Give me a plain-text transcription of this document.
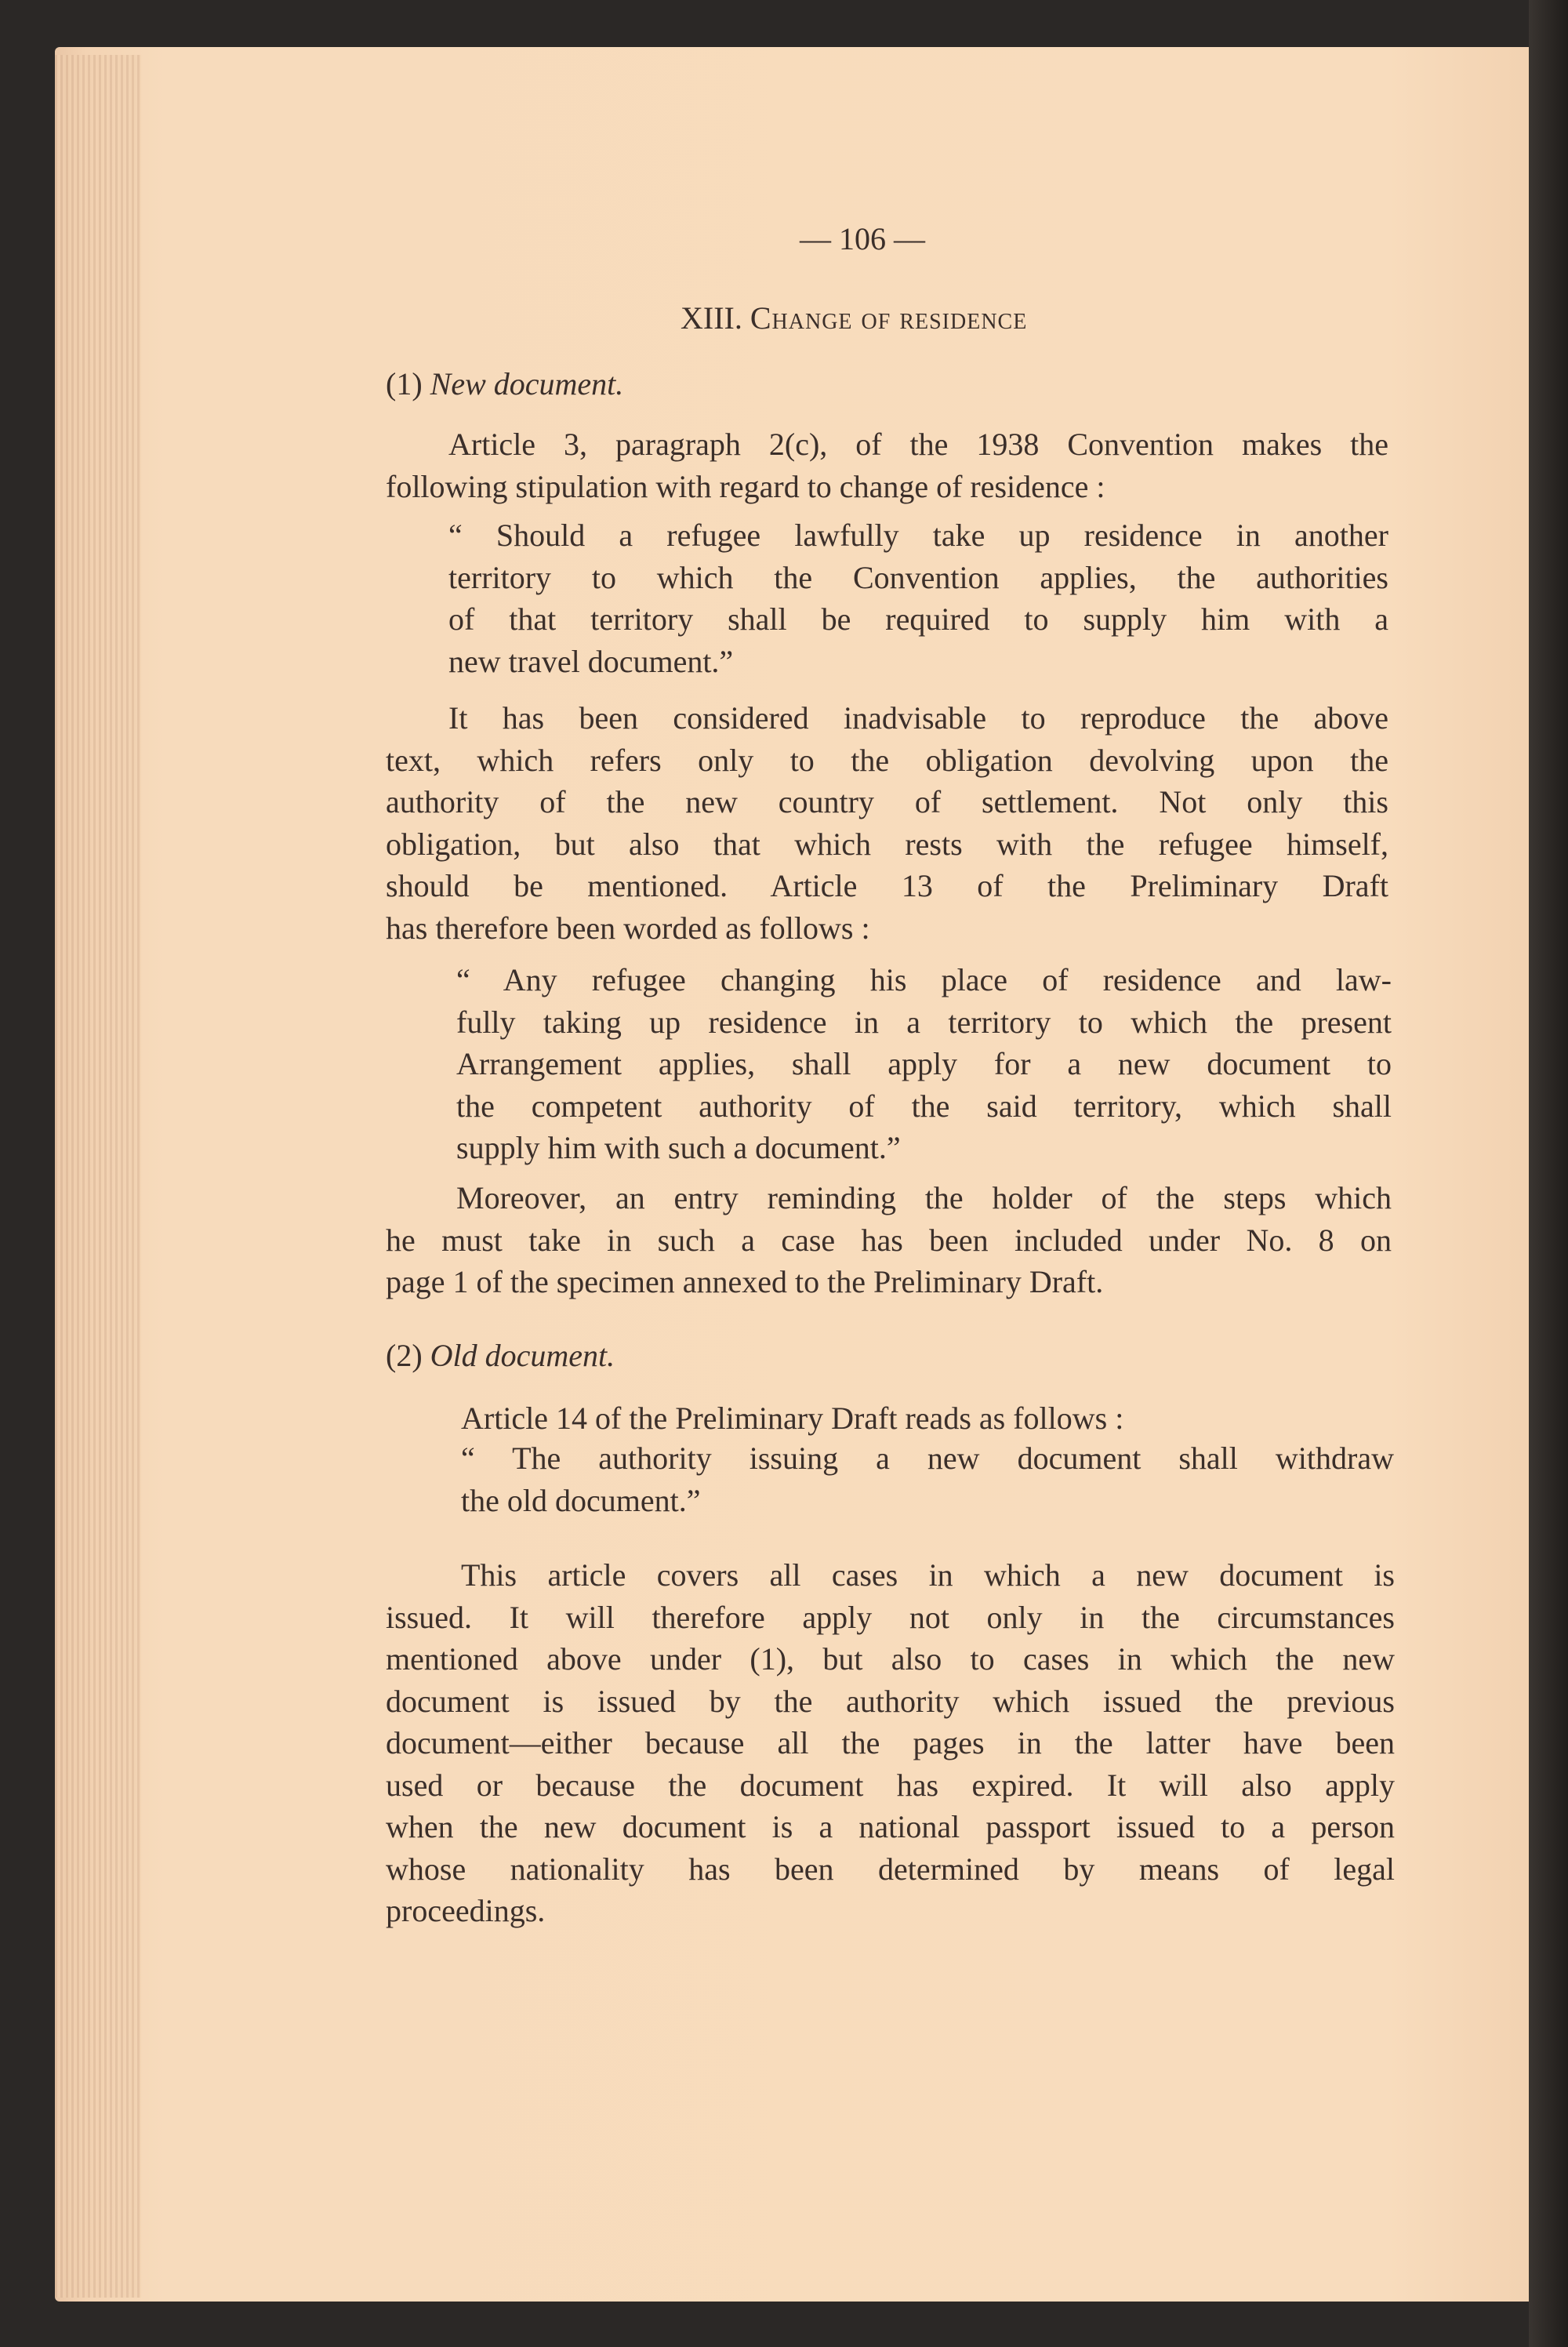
— 106 —
XIII. Change of residence
(1) New document.
Article 3, paragraph 2(c), of the 1938 Convention makes the
following stipulation with regard to change of residence :
“ Should a refugee lawfully take up residence in another
territory to which the Convention applies, the authorities
of that territory shall be required to supply him with a
new travel document.”
It has been considered inadvisable to reproduce the above
text, which refers only to the obligation devolving upon the
authority of the new country of settlement. Not only this
obligation, but also that which rests with the refugee himself,
should be mentioned. Article 13 of the Preliminary Draft
has therefore been worded as follows :
“ Any refugee changing his place of residence and law-
fully taking up residence in a territory to which the present
Arrangement applies, shall apply for a new document to
the competent authority of the said territory, which shall
supply him with such a document.”
Moreover, an entry reminding the holder of the steps which
he must take in such a case has been included under No. 8 on
page 1 of the specimen annexed to the Preliminary Draft.
(2) Old document.
Article 14 of the Preliminary Draft reads as follows :
“ The authority issuing a new document shall withdraw
the old document.”
This article covers all cases in which a new document is
issued. It will therefore apply not only in the circumstances
mentioned above under (1), but also to cases in which the new
document is issued by the authority which issued the previous
document—either because all the pages in the latter have been
used or because the document has expired. It will also apply
when the new document is a national passport issued to a person
whose nationality has been determined by means of legal
proceedings.
